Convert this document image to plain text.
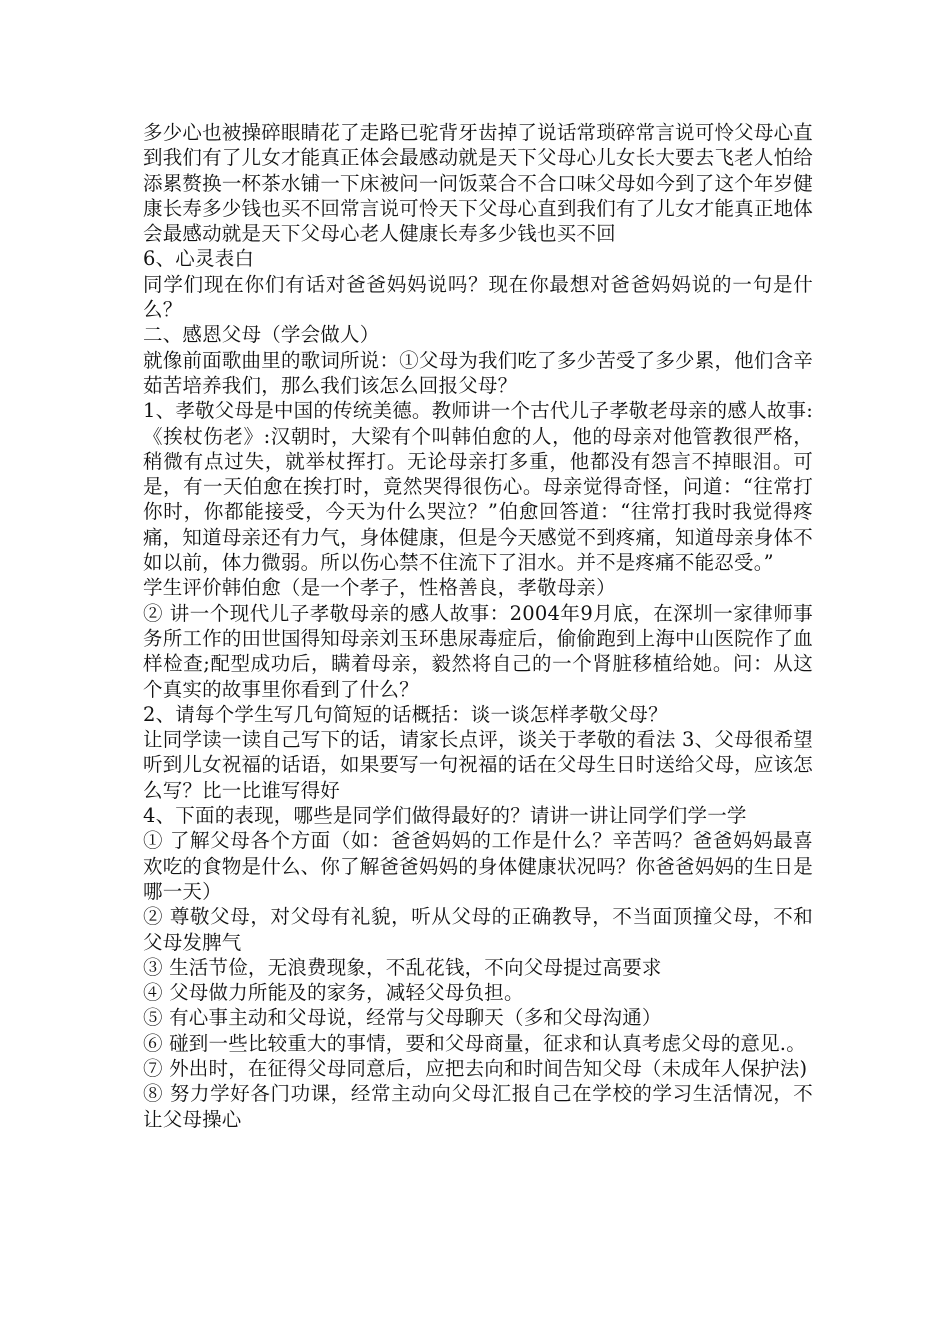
多少心也被操碎眼睛花了走路已驼背牙齿掉了说话常琐碎常言说可怜父母心直到我们有了儿女才能真正体会最感动就是天下父母心儿女长大要去飞老人怕给添累赘换一杯茶水铺一下床被问一问饭菜合不合口味父母如今到了这个年岁健康长寿多少钱也买不回常言说可怜天下父母心直到我们有了儿女才能真正地体会最感动就是天下父母心老人健康长寿多少钱也买不回

6、心灵表白

同学们现在你们有话对爸爸妈妈说吗？现在你最想对爸爸妈妈说的一句是什么？

二、感恩父母（学会做人）

就像前面歌曲里的歌词所说：①父母为我们吃了多少苦受了多少累，他们含辛茹苦培养我们，那么我们该怎么回报父母？

1、孝敬父母是中国的传统美德。教师讲一个古代儿子孝敬老母亲的感人故事:《挨杖伤老》:汉朝时，大梁有个叫韩伯愈的人，他的母亲对他管教很严格，稍微有点过失，就举杖挥打。无论母亲打多重，他都没有怨言不掉眼泪。可是，有一天伯愈在挨打时，竟然哭得很伤心。母亲觉得奇怪，问道：“往常打你时，你都能接受，今天为什么哭泣？”伯愈回答道：“往常打我时我觉得疼痛，知道母亲还有力气，身体健康，但是今天感觉不到疼痛，知道母亲身体不如以前，体力微弱。所以伤心禁不住流下了泪水。并不是疼痛不能忍受。”

学生评价韩伯愈（是一个孝子，性格善良，孝敬母亲）

② 讲一个现代儿子孝敬母亲的感人故事：2004年9月底，在深圳一家律师事务所工作的田世国得知母亲刘玉环患尿毒症后，偷偷跑到上海中山医院作了血样检查;配型成功后，瞒着母亲，毅然将自己的一个肾脏移植给她。问：从这个真实的故事里你看到了什么？

2、请每个学生写几句简短的话概括：谈一谈怎样孝敬父母？

让同学读一读自己写下的话，请家长点评，谈关于孝敬的看法 3、父母很希望听到儿女祝福的话语，如果要写一句祝福的话在父母生日时送给父母，应该怎么写？比一比谁写得好

4、下面的表现，哪些是同学们做得最好的？请讲一讲让同学们学一学

① 了解父母各个方面（如：爸爸妈妈的工作是什么？辛苦吗？爸爸妈妈最喜欢吃的食物是什么、你了解爸爸妈妈的身体健康状况吗？你爸爸妈妈的生日是哪一天）

② 尊敬父母，对父母有礼貌，听从父母的正确教导，不当面顶撞父母，不和父母发脾气

③ 生活节俭，无浪费现象，不乱花钱，不向父母提过高要求

④ 父母做力所能及的家务，减轻父母负担。

⑤ 有心事主动和父母说，经常与父母聊天（多和父母沟通）

⑥ 碰到一些比较重大的事情，要和父母商量，征求和认真考虑父母的意见.。

⑦ 外出时，在征得父母同意后，应把去向和时间告知父母（未成年人保护法)

⑧ 努力学好各门功课，经常主动向父母汇报自己在学校的学习生活情况，不让父母操心
